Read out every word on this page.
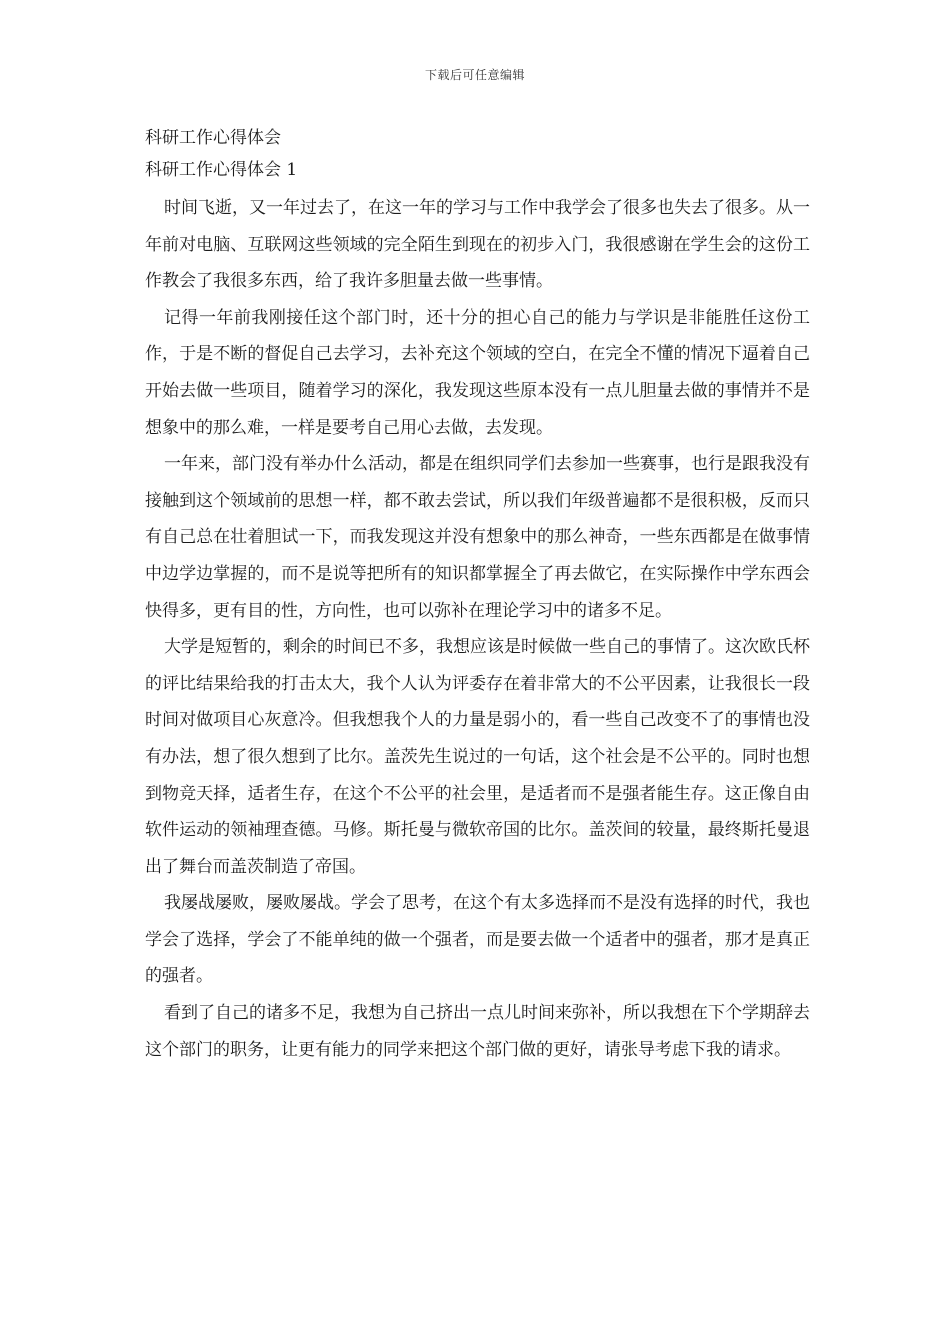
下载后可任意编辑
科研工作心得体会
科研工作心得体会 1

时间飞逝，又一年过去了，在这一年的学习与工作中我学会了很多也失去了很多。从一年前对电脑、互联网这些领域的完全陌生到现在的初步入门，我很感谢在学生会的这份工作教会了我很多东西，给了我许多胆量去做一些事情。

记得一年前我刚接任这个部门时，还十分的担心自己的能力与学识是非能胜任这份工作，于是不断的督促自己去学习，去补充这个领域的空白，在完全不懂的情况下逼着自己开始去做一些项目，随着学习的深化，我发现这些原本没有一点儿胆量去做的事情并不是想象中的那么难，一样是要考自己用心去做，去发现。

一年来，部门没有举办什么活动，都是在组织同学们去参加一些赛事，也行是跟我没有接触到这个领域前的思想一样，都不敢去尝试，所以我们年级普遍都不是很积极，反而只有自己总在壮着胆试一下，而我发现这并没有想象中的那么神奇，一些东西都是在做事情中边学边掌握的，而不是说等把所有的知识都掌握全了再去做它，在实际操作中学东西会快得多，更有目的性，方向性，也可以弥补在理论学习中的诸多不足。

大学是短暂的，剩余的时间已不多，我想应该是时候做一些自己的事情了。这次欧氏杯的评比结果给我的打击太大，我个人认为评委存在着非常大的不公平因素，让我很长一段时间对做项目心灰意冷。但我想我个人的力量是弱小的，看一些自己改变不了的事情也没有办法，想了很久想到了比尔。盖茨先生说过的一句话，这个社会是不公平的。同时也想到物竞天择，适者生存，在这个不公平的社会里，是适者而不是强者能生存。这正像自由软件运动的领袖理查德。马修。斯托曼与微软帝国的比尔。盖茨间的较量，最终斯托曼退出了舞台而盖茨制造了帝国。

我屡战屡败，屡败屡战。学会了思考，在这个有太多选择而不是没有选择的时代，我也学会了选择，学会了不能单纯的做一个强者，而是要去做一个适者中的强者，那才是真正的强者。

看到了自己的诸多不足，我想为自己挤出一点儿时间来弥补，所以我想在下个学期辞去这个部门的职务，让更有能力的同学来把这个部门做的更好，请张导考虑下我的请求。
